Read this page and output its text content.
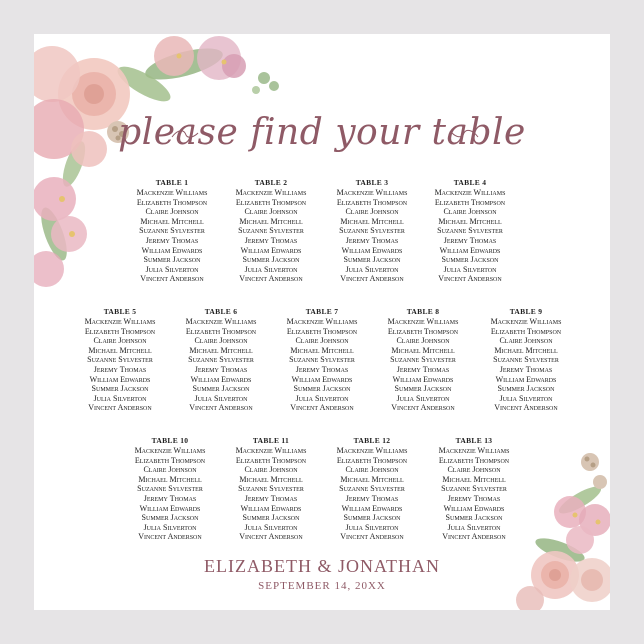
please find your table
TABLE 1
Mackenzie Williams
Elizabeth Thompson
Claire Johnson
Michael Mitchell
Suzanne Sylvester
Jeremy Thomas
William Edwards
Summer Jackson
Julia Silverton
Vincent Anderson
TABLE 2
Mackenzie Williams
Elizabeth Thompson
Claire Johnson
Michael Mitchell
Suzanne Sylvester
Jeremy Thomas
William Edwards
Summer Jackson
Julia Silverton
Vincent Anderson
TABLE 3
Mackenzie Williams
Elizabeth Thompson
Claire Johnson
Michael Mitchell
Suzanne Sylvester
Jeremy Thomas
William Edwards
Summer Jackson
Julia Silverton
Vincent Anderson
TABLE 4
Mackenzie Williams
Elizabeth Thompson
Claire Johnson
Michael Mitchell
Suzanne Sylvester
Jeremy Thomas
William Edwards
Summer Jackson
Julia Silverton
Vincent Anderson
TABLE 5
Mackenzie Williams
Elizabeth Thompson
Claire Johnson
Michael Mitchell
Suzanne Sylvester
Jeremy Thomas
William Edwards
Summer Jackson
Julia Silverton
Vincent Anderson
TABLE 6
Mackenzie Williams
Elizabeth Thompson
Claire Johnson
Michael Mitchell
Suzanne Sylvester
Jeremy Thomas
William Edwards
Summer Jackson
Julia Silverton
Vincent Anderson
TABLE 7
Mackenzie Williams
Elizabeth Thompson
Claire Johnson
Michael Mitchell
Suzanne Sylvester
Jeremy Thomas
William Edwards
Summer Jackson
Julia Silverton
Vincent Anderson
TABLE 8
Mackenzie Williams
Elizabeth Thompson
Claire Johnson
Michael Mitchell
Suzanne Sylvester
Jeremy Thomas
William Edwards
Summer Jackson
Julia Silverton
Vincent Anderson
TABLE 9
Mackenzie Williams
Elizabeth Thompson
Claire Johnson
Michael Mitchell
Suzanne Sylvester
Jeremy Thomas
William Edwards
Summer Jackson
Julia Silverton
Vincent Anderson
TABLE 10
Mackenzie Williams
Elizabeth Thompson
Claire Johnson
Michael Mitchell
Suzanne Sylvester
Jeremy Thomas
William Edwards
Summer Jackson
Julia Silverton
Vincent Anderson
TABLE 11
Mackenzie Williams
Elizabeth Thompson
Claire Johnson
Michael Mitchell
Suzanne Sylvester
Jeremy Thomas
William Edwards
Summer Jackson
Julia Silverton
Vincent Anderson
TABLE 12
Mackenzie Williams
Elizabeth Thompson
Claire Johnson
Michael Mitchell
Suzanne Sylvester
Jeremy Thomas
William Edwards
Summer Jackson
Julia Silverton
Vincent Anderson
TABLE 13
Mackenzie Williams
Elizabeth Thompson
Claire Johnson
Michael Mitchell
Suzanne Sylvester
Jeremy Thomas
William Edwards
Summer Jackson
Julia Silverton
Vincent Anderson
ELIZABETH & JONATHAN
SEPTEMBER 14, 20XX
